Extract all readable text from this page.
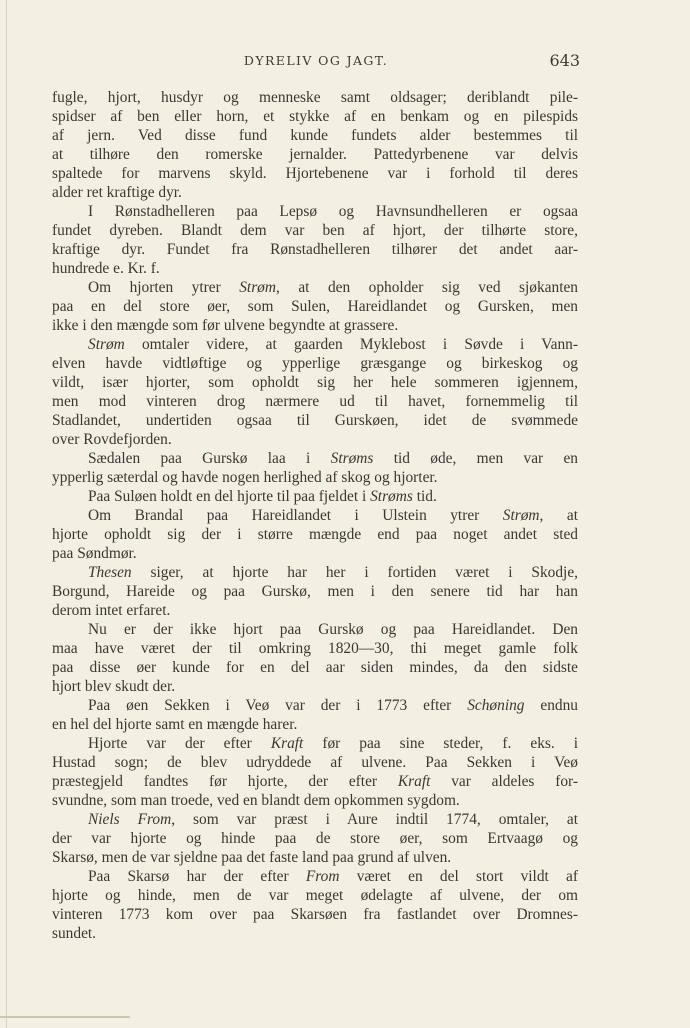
DYRELIV OG JAGT.	643
fugle, hjort, husdyr og menneske samt oldsager; deriblandt pile-
spidser af ben eller horn, et stykke af en benkam og en pilespids
af jern. Ved disse fund kunde fundets alder bestemmes til
at tilhøre den romerske jernalder. Pattedyrbenene var delvis
spaltede for marvens skyld. Hjortebenene var i forhold til deres
alder ret kraftige dyr.
I Rønstadhelleren paa Lepsø og Havnsundhelleren er ogsaa
fundet dyreben. Blandt dem var ben af hjort, der tilhørte store,
kraftige dyr. Fundet fra Rønstadhelleren tilhører det andet aar-
hundrede e. Kr. f.
Om hjorten ytrer Strøm, at den opholder sig ved sjøkanten
paa en del store øer, som Sulen, Hareidlandet og Gursken, men
ikke i den mængde som før ulvene begyndte at grassere.
Strøm omtaler videre, at gaarden Myklebost i Søvde i Vann-
elven havde vidtløftige og ypperlige græsgange og birkeskog og
vildt, især hjorter, som opholdt sig her hele sommeren igjennem,
men mod vinteren drog nærmere ud til havet, fornemmelig til
Stadlandet, undertiden ogsaa til Gurskøen, idet de svømmede
over Rovdefjorden.
Sædalen paa Gurskø laa i Strøms tid øde, men var en
ypperlig sæterdal og havde nogen herlighed af skog og hjorter.
Paa Suløen holdt en del hjorte til paa fjeldet i Strøms tid.
Om Brandal paa Hareidlandet i Ulstein ytrer Strøm, at
hjorte opholdt sig der i større mængde end paa noget andet sted
paa Søndmør.
Thesen siger, at hjorte har her i fortiden været i Skodje,
Borgund, Hareide og paa Gurskø, men i den senere tid har han
derom intet erfaret.
Nu er der ikke hjort paa Gurskø og paa Hareidlandet. Den
maa have været der til omkring 1820—30, thi meget gamle folk
paa disse øer kunde for en del aar siden mindes, da den sidste
hjort blev skudt der.
Paa øen Sekken i Veø var der i 1773 efter Schøning endnu
en hel del hjorte samt en mængde harer.
Hjorte var der efter Kraft før paa sine steder, f. eks. i
Hustad sogn; de blev udryddede af ulvene. Paa Sekken i Veø
præstegjeld fandtes før hjorte, der efter Kraft var aldeles for-
svundne, som man troede, ved en blandt dem opkommen sygdom.
Niels From, som var præst i Aure indtil 1774, omtaler, at
der var hjorte og hinde paa de store øer, som Ertvaagø og
Skarsø, men de var sjeldne paa det faste land paa grund af ulven.
Paa Skarsø har der efter From været en del stort vildt af
hjorte og hinde, men de var meget ødelagte af ulvene, der om
vinteren 1773 kom over paa Skarsøen fra fastlandet over Dromnes-
sundet.
